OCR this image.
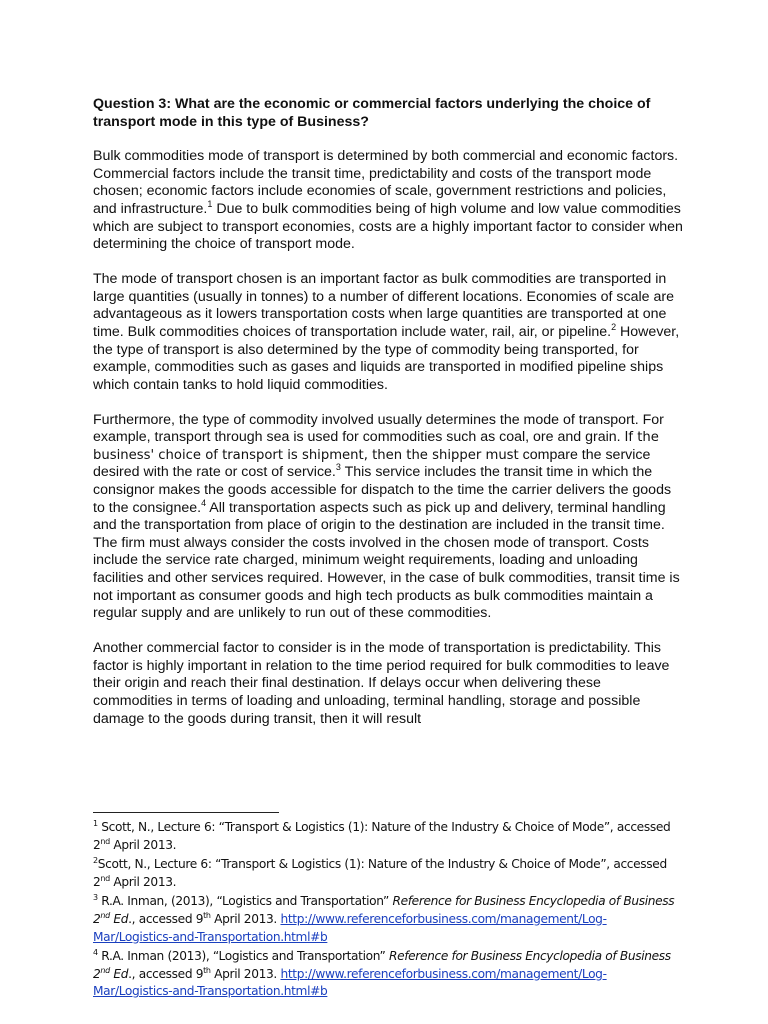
Question 3: What are the economic or commercial factors underlying the choice of transport mode in this type of Business?

Bulk commodities mode of transport is determined by both commercial and economic factors. Commercial factors include the transit time, predictability and costs of the transport mode chosen; economic factors include economies of scale, government restrictions and policies, and infrastructure.$^1$ Due to bulk commodities being of high volume and low value commodities which are subject to transport economies, costs are a highly important factor to consider when determining the choice of transport mode.

The mode of transport chosen is an important factor as bulk commodities are transported in large quantities (usually in tonnes) to a number of different locations. Economies of scale are advantageous as it lowers transportation costs when large quantities are transported at one time. Bulk commodities choices of transportation include water, rail, air, or pipeline.$^2$ However, the type of transport is also determined by the type of commodity being transported, for example, commodities such as gases and liquids are transported in modified pipeline ships which contain tanks to hold liquid commodities.

Furthermore, the type of commodity involved usually determines the mode of transport. For example, transport through sea is used for commodities such as coal, ore and grain. If the business' choice of transport is shipment, then the shipper must compare the service desired with the rate or cost of service.$^3$ This service includes the transit time in which the consignor makes the goods accessible for dispatch to the time the carrier delivers the goods to the consignee.$^4$ All transportation aspects such as pick up and delivery, terminal handling and the transportation from place of origin to the destination are included in the transit time. The firm must always consider the costs involved in the chosen mode of transport. Costs include the service rate charged, minimum weight requirements, loading and unloading facilities and other services required. However, in the case of bulk commodities, transit time is not important as consumer goods and high tech products as bulk commodities maintain a regular supply and are unlikely to run out of these commodities.

Another commercial factor to consider is in the mode of transportation is predictability. This factor is highly important in relation to the time period required for bulk commodities to leave their origin and reach their final destination. If delays occur when delivering these commodities in terms of loading and unloading, terminal handling, storage and possible damage to the goods during transit, then it will result

$^1$ Scott, N., Lecture 6: “Transport & Logistics (1): Nature of the Industry & Choice of Mode”, accessed 2nd April 2013.

$^2$Scott, N., Lecture 6: “Transport & Logistics (1): Nature of the Industry & Choice of Mode”, accessed 2nd April 2013.

$^3$ R.A. Inman, (2013), “Logistics and Transportation” Reference for Business Encyclopedia of Business 2nd Ed., accessed 9th April 2013. http://www.referenceforbusiness.com/management/Log-Mar/Logistics-and-Transportation.html#b

$^4$ R.A. Inman (2013), “Logistics and Transportation” Reference for Business Encyclopedia of Business 2nd Ed., accessed 9th April 2013. http://www.referenceforbusiness.com/management/Log-Mar/Logistics-and-Transportation.html#b
